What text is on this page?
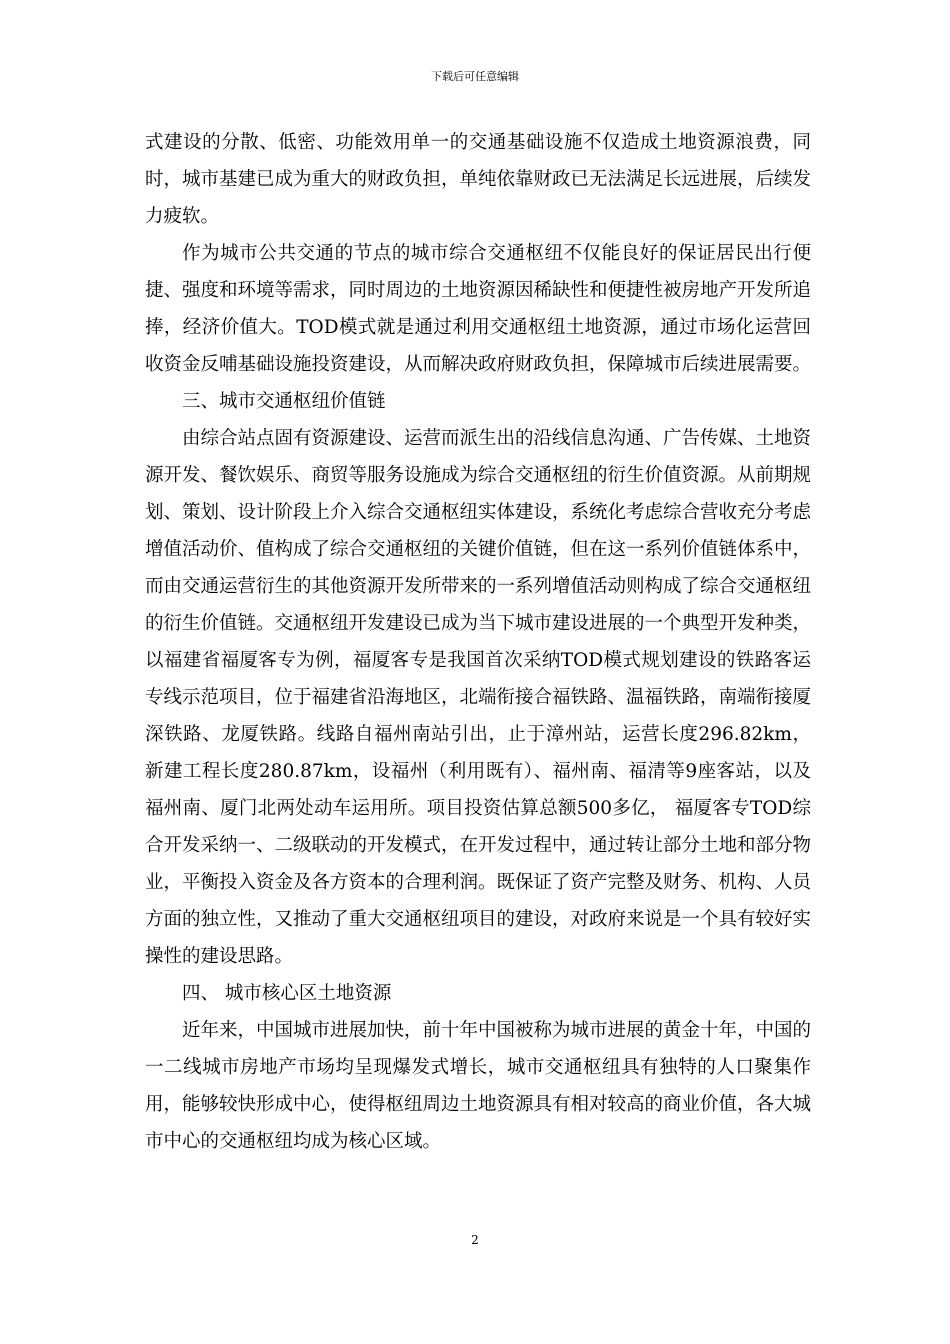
下载后可任意编辑

式建设的分散、低密、功能效用单一的交通基础设施不仅造成土地资源浪费，同时，城市基建已成为重大的财政负担，单纯依靠财政已无法满足长远进展，后续发力疲软。

作为城市公共交通的节点的城市综合交通枢纽不仅能良好的保证居民出行便捷、强度和环境等需求，同时周边的土地资源因稀缺性和便捷性被房地产开发所追捧，经济价值大。TOD模式就是通过利用交通枢纽土地资源，通过市场化运营回收资金反哺基础设施投资建设，从而解决政府财政负担，保障城市后续进展需要。

三、城市交通枢纽价值链

由综合站点固有资源建设、运营而派生出的沿线信息沟通、广告传媒、土地资源开发、餐饮娱乐、商贸等服务设施成为综合交通枢纽的衍生价值资源。从前期规划、策划、设计阶段上介入综合交通枢纽实体建设，系统化考虑综合营收充分考虑增值活动价、值构成了综合交通枢纽的关键价值链，但在这一系列价值链体系中，而由交通运营衍生的其他资源开发所带来的一系列增值活动则构成了综合交通枢纽的衍生价值链。交通枢纽开发建设已成为当下城市建设进展的一个典型开发种类，以福建省福厦客专为例，福厦客专是我国首次采纳TOD模式规划建设的铁路客运专线示范项目，位于福建省沿海地区，北端衔接合福铁路、温福铁路，南端衔接厦深铁路、龙厦铁路。线路自福州南站引出，止于漳州站，运营长度296.82km，新建工程长度280.87km，设福州（利用既有）、福州南、福清等9座客站，以及福州南、厦门北两处动车运用所。项目投资估算总额500多亿， 福厦客专TOD综合开发采纳一、二级联动的开发模式，在开发过程中，通过转让部分土地和部分物业，平衡投入资金及各方资本的合理利润。既保证了资产完整及财务、机构、人员方面的独立性，又推动了重大交通枢纽项目的建设，对政府来说是一个具有较好实操性的建设思路。

四、 城市核心区土地资源

近年来，中国城市进展加快，前十年中国被称为城市进展的黄金十年，中国的一二线城市房地产市场均呈现爆发式增长，城市交通枢纽具有独特的人口聚集作用，能够较快形成中心，使得枢纽周边土地资源具有相对较高的商业价值，各大城市中心的交通枢纽均成为核心区域。

2
